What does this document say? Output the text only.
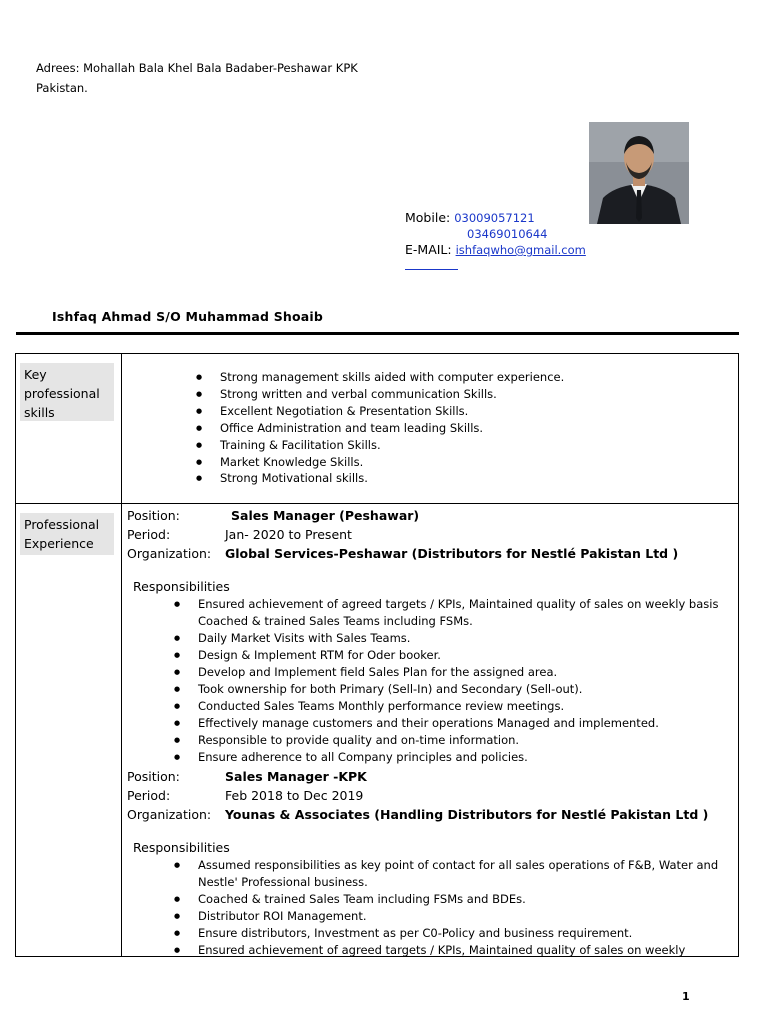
Adrees: Mohallah Bala Khel Bala Badaber-Peshawar KPK
Pakistan.
Mobile: 03009057121
03469010644
E-MAIL: ishfaqwho@gmail.com
Ishfaq Ahmad S/O Muhammad Shoaib
Key professional skills
● Strong management skills aided with computer experience.
● Strong written and verbal communication Skills.
● Excellent Negotiation & Presentation Skills.
● Office Administration and team leading Skills.
● Training & Facilitation Skills.
● Market Knowledge Skills.
● Strong Motivational skills.
Professional Experience
Position:	Sales Manager (Peshawar)
Period:	Jan- 2020 to Present
Organization: Global Services-Peshawar (Distributors for Nestlé Pakistan Ltd )
Responsibilities
● Ensured achievement of agreed targets / KPIs, Maintained quality of sales on weekly basis Coached & trained Sales Teams including FSMs.
● Daily Market Visits with Sales Teams.
● Design & Implement RTM for Oder booker.
● Develop and Implement field Sales Plan for the assigned area.
● Took ownership for both Primary (Sell-In) and Secondary (Sell-out).
● Conducted Sales Teams Monthly performance review meetings.
● Effectively manage customers and their operations Managed and implemented.
● Responsible to provide quality and on-time information.
● Ensure adherence to all Company principles and policies.
Position:	Sales Manager -KPK
Period:	Feb 2018 to Dec 2019
Organization: Younas & Associates (Handling Distributors for Nestlé Pakistan Ltd )
Responsibilities
● Assumed responsibilities as key point of contact for all sales operations of F&B, Water and Nestle' Professional business.
● Coached & trained Sales Team including FSMs and BDEs.
● Distributor ROI Management.
● Ensure distributors, Investment as per C0-Policy and business requirement.
● Ensured achievement of agreed targets / KPIs, Maintained quality of sales on weekly
1
